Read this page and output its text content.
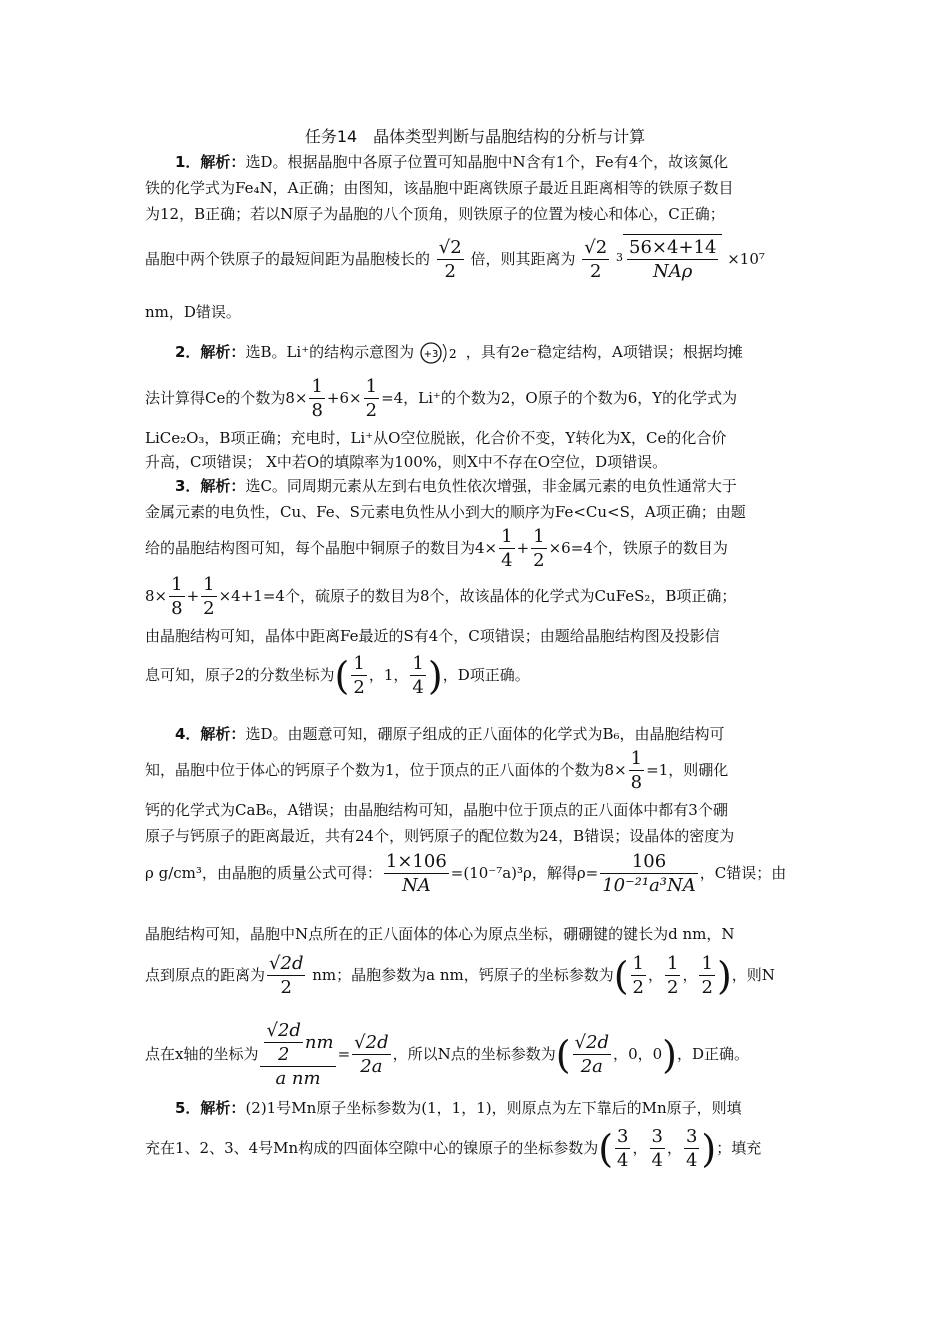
任务14　晶体类型判断与晶胞结构的分析与计算
1．解析：选D。根据晶胞中各原子位置可知晶胞中N含有1个，Fe有4个，故该氮化
铁的化学式为Fe₄N，A正确；由图知，该晶胞中距离铁原子最近且距离相等的铁原子数目
为12，B正确；若以N原子为晶胞的八个顶角，则铁原子的位置为棱心和体心，C正确；
晶胞中两个铁原子的最短间距为晶胞棱长的 $\frac{√2}{2}$ 倍，则其距离为 $\frac{√2}{2} ^3 \frac{56\times 4+14}{\text{NAρ}} \times 10^7$
nm，D错误。
2．解析：选B。Li⁺的结构示意图为 +3 2 ，具有2e⁻稳定结构，A项错误；根据均摊
法计算得Ce的个数为$8\times \frac{1}{8} +6\times \frac{1}{2} =4$，Li⁺的个数为2，O原子的个数为6，Y的化学式为
LiCe₂O₃，B项正确；充电时，Li⁺从O空位脱嵌，化合价不变，Y转化为X，Ce的化合价
升高，C项错误； X中若O的填隙率为100%，则X中不存在O空位，D项错误。
3．解析：选C。同周期元素从左到右电负性依次增强，非金属元素的电负性通常大于
金属元素的电负性，Cu、Fe、S元素电负性从小到大的顺序为Fe<Cu<S，A项正确；由题
给的晶胞结构图可知，每个晶胞中铜原子的数目为$4\times \frac{1}{4} + \frac{1}{2} \times 6=4$个，铁原子的数目为
$8\times \frac{1}{8} + \frac{1}{2} \times 4+1=4$个，硫原子的数目为8个，故该晶体的化学式为CuFeS₂，B项正确；
由晶胞结构可知，晶体中距离Fe最近的S有4个，C项错误；由题给晶胞结构图及投影信
息可知，原子2的分数坐标为( $\frac{1}{2}$ ，1， $\frac{1}{4}$ )，D项正确。
4．解析：选D。由题意可知，硼原子组成的正八面体的化学式为B₆，由晶胞结构可
知，晶胞中位于体心的钙原子个数为1，位于顶点的正八面体的个数为$8\times \frac{1}{8} =1$，则硼化
钙的化学式为CaB₆，A错误；由晶胞结构可知，晶胞中位于顶点的正八面体中都有3个硼
原子与钙原子的距离最近，共有24个，则钙原子的配位数为24，B错误；设晶体的密度为
ρ g/cm³，由晶胞的质量公式可得： $\frac{1\times 106}{NA} =(10^{-7}a)^3\rho$，解得$\rho= \frac{106}{\text{10⁻²¹a³NA}}$ ，C错误；由
晶胞结构可知，晶胞中N点所在的正八面体的体心为原点坐标，硼硼键的键长为d nm，N
点到原点的距离为 $\frac{√2d}{2}$ nm；晶胞参数为a nm，钙原子的坐标参数为( $\frac{1}{2}$ ， $\frac{1}{2}$ ， $\frac{1}{2}$ )，则N
点在x轴的坐标为 $\frac{\frac{√2d}{2} nm}{\text{a nm}} = \frac{√2d}{2a}$ ，所以N点的坐标参数为( $\frac{√2d}{2a}$ ，0，0)，D正确。
5．解析：(2)1号Mn原子坐标参数为(1，1，1)，则原点为左下靠后的Mn原子，则填
充在1、2、3、4号Mn构成的四面体空隙中心的镍原子的坐标参数为( $\frac{3}{4}$ ， $\frac{3}{4}$ ， $\frac{3}{4}$ )；填充
